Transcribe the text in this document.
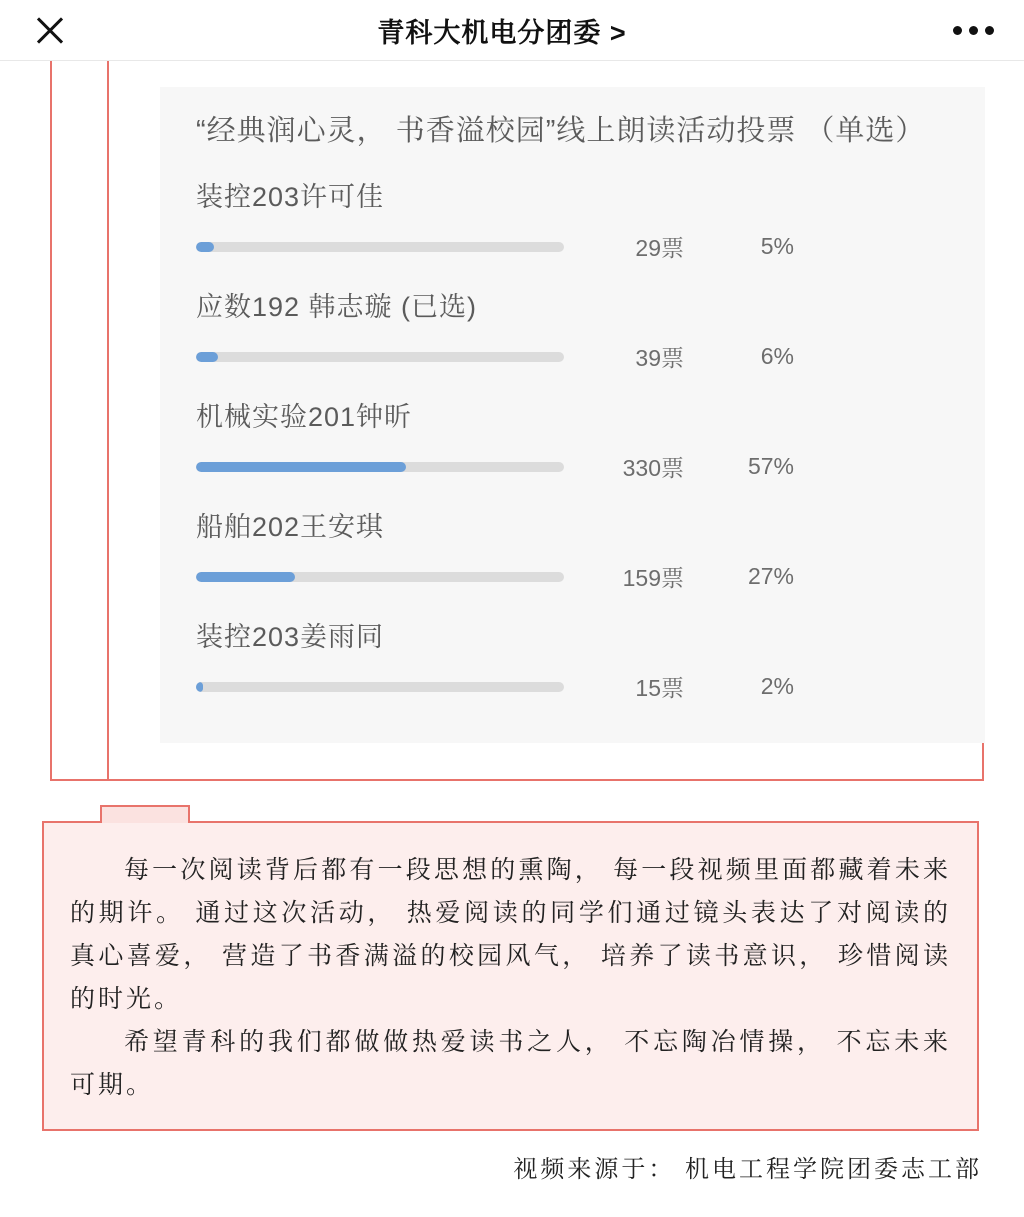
青科大机电分团委 >
“经典润心灵， 书香溢校园”线上朗读活动投票 （单选）
装控203许可佳
29票	5%
应数192 韩志璇 (已选)
39票	6%
机械实验201钟昕
330票	57%
船舶202王安琪
159票	27%
装控203姜雨同
15票	2%

每一次阅读背后都有一段思想的熏陶， 每一段视频里面都藏着未来的期许。 通过这次活动， 热爱阅读的同学们通过镜头表达了对阅读的真心喜爱， 营造了书香满溢的校园风气， 培养了读书意识， 珍惜阅读的时光。

希望青科的我们都做做热爱读书之人， 不忘陶冶情操， 不忘未来可期。

视频来源于： 机电工程学院团委志工部
